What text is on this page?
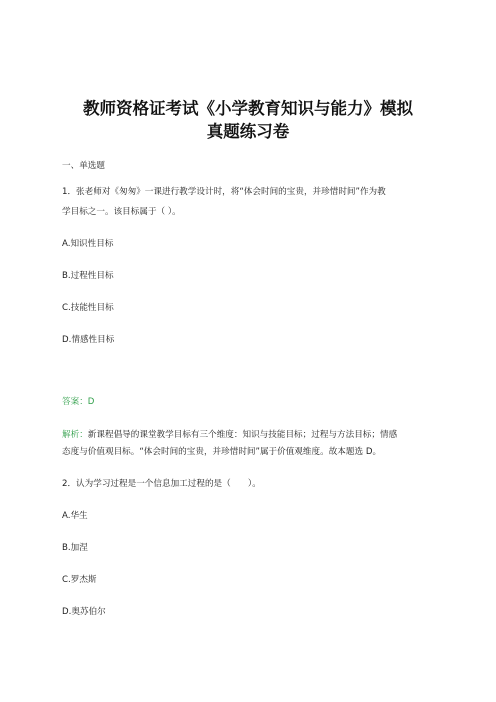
教师资格证考试《小学教育知识与能力》模拟
真题练习卷
一、单选题
1．张老师对《匆匆》一课进行教学设计时，将“体会时间的宝贵，并珍惜时间”作为教
学目标之一。该目标属于（ ）。
A.知识性目标
B.过程性目标
C.技能性目标
D.情感性目标
答案：D
解析：新课程倡导的课堂教学目标有三个维度：知识与技能目标；过程与方法目标；情感
态度与价值观目标。“体会时间的宝贵，并珍惜时间”属于价值观维度。故本题选 D。
2．认为学习过程是一个信息加工过程的是（　　）。
A.华生
B.加涅
C.罗杰斯
D.奥苏伯尔
